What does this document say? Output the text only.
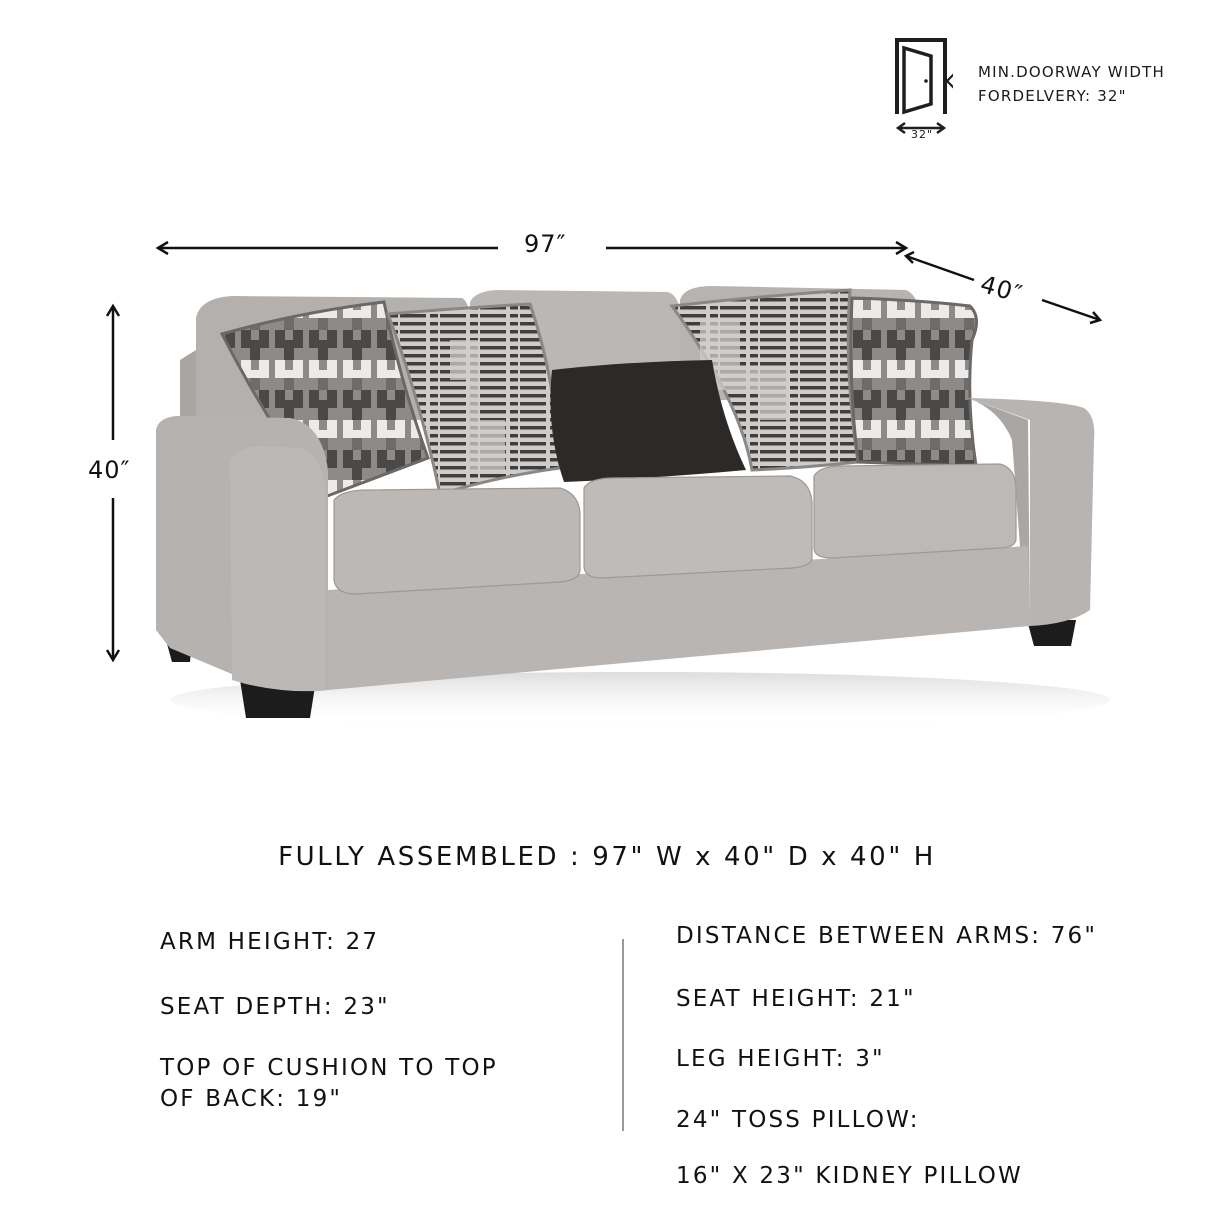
32"
MIN.DOORWAY WIDTH
FORDELVERY: 32"
97″
40″
40″
FULLY ASSEMBLED : 97" W x 40" D x 40" H
ARM HEIGHT: 27
SEAT DEPTH: 23"
TOP OF CUSHION TO TOP
OF BACK: 19"
DISTANCE BETWEEN ARMS: 76"
SEAT HEIGHT: 21"
LEG HEIGHT: 3"
24" TOSS PILLOW:
16" X 23" KIDNEY PILLOW
